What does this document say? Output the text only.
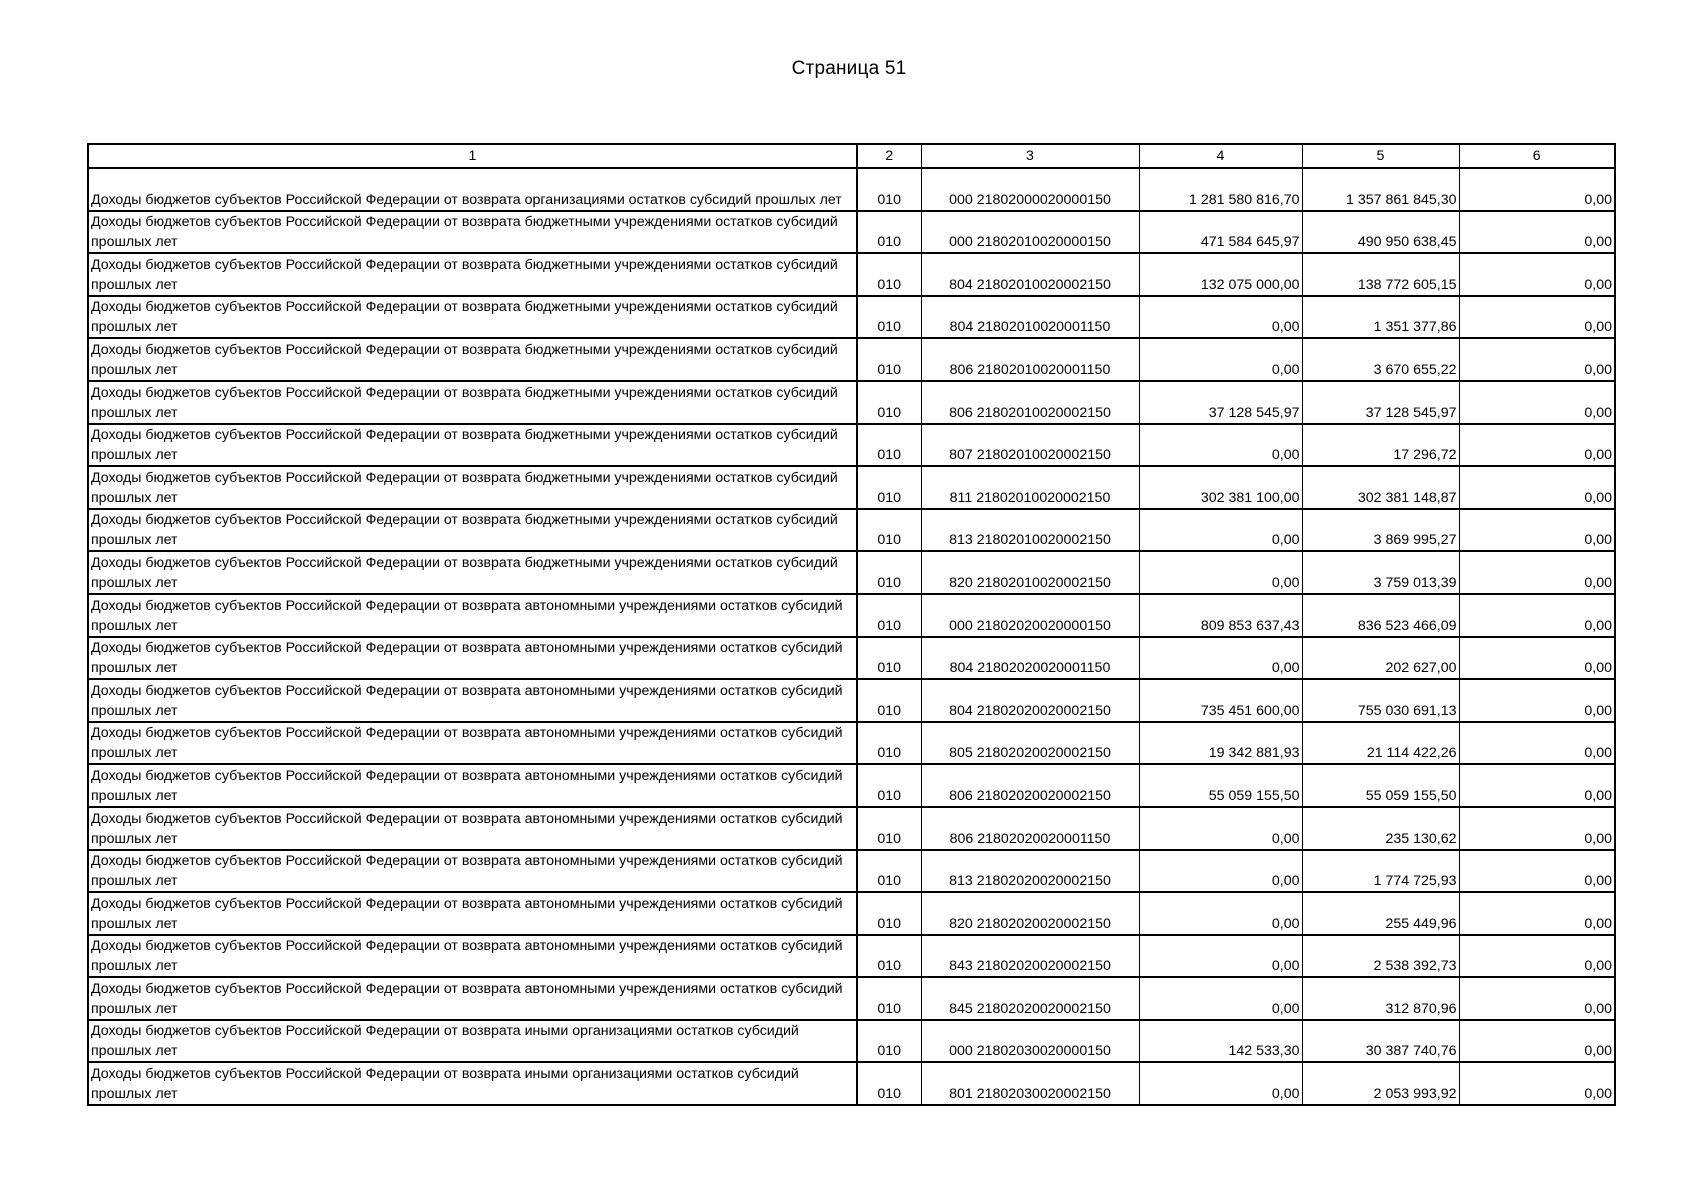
Страница 51
1	2	3	4	5	6
Доходы бюджетов субъектов Российской Федерации от возврата организациями остатков субсидий прошлых лет	010	000 21802000020000150	1 281 580 816,70	1 357 861 845,30	0,00
Доходы бюджетов субъектов Российской Федерации от возврата бюджетными учреждениями остатков субсидий прошлых лет	010	000 21802010020000150	471 584 645,97	490 950 638,45	0,00
Доходы бюджетов субъектов Российской Федерации от возврата бюджетными учреждениями остатков субсидий прошлых лет	010	804 21802010020002150	132 075 000,00	138 772 605,15	0,00
Доходы бюджетов субъектов Российской Федерации от возврата бюджетными учреждениями остатков субсидий прошлых лет	010	804 21802010020001150	0,00	1 351 377,86	0,00
Доходы бюджетов субъектов Российской Федерации от возврата бюджетными учреждениями остатков субсидий прошлых лет	010	806 21802010020001150	0,00	3 670 655,22	0,00
Доходы бюджетов субъектов Российской Федерации от возврата бюджетными учреждениями остатков субсидий прошлых лет	010	806 21802010020002150	37 128 545,97	37 128 545,97	0,00
Доходы бюджетов субъектов Российской Федерации от возврата бюджетными учреждениями остатков субсидий прошлых лет	010	807 21802010020002150	0,00	17 296,72	0,00
Доходы бюджетов субъектов Российской Федерации от возврата бюджетными учреждениями остатков субсидий прошлых лет	010	811 21802010020002150	302 381 100,00	302 381 148,87	0,00
Доходы бюджетов субъектов Российской Федерации от возврата бюджетными учреждениями остатков субсидий прошлых лет	010	813 21802010020002150	0,00	3 869 995,27	0,00
Доходы бюджетов субъектов Российской Федерации от возврата бюджетными учреждениями остатков субсидий прошлых лет	010	820 21802010020002150	0,00	3 759 013,39	0,00
Доходы бюджетов субъектов Российской Федерации от возврата автономными учреждениями остатков субсидий прошлых лет	010	000 21802020020000150	809 853 637,43	836 523 466,09	0,00
Доходы бюджетов субъектов Российской Федерации от возврата автономными учреждениями остатков субсидий прошлых лет	010	804 21802020020001150	0,00	202 627,00	0,00
Доходы бюджетов субъектов Российской Федерации от возврата автономными учреждениями остатков субсидий прошлых лет	010	804 21802020020002150	735 451 600,00	755 030 691,13	0,00
Доходы бюджетов субъектов Российской Федерации от возврата автономными учреждениями остатков субсидий прошлых лет	010	805 21802020020002150	19 342 881,93	21 114 422,26	0,00
Доходы бюджетов субъектов Российской Федерации от возврата автономными учреждениями остатков субсидий прошлых лет	010	806 21802020020002150	55 059 155,50	55 059 155,50	0,00
Доходы бюджетов субъектов Российской Федерации от возврата автономными учреждениями остатков субсидий прошлых лет	010	806 21802020020001150	0,00	235 130,62	0,00
Доходы бюджетов субъектов Российской Федерации от возврата автономными учреждениями остатков субсидий прошлых лет	010	813 21802020020002150	0,00	1 774 725,93	0,00
Доходы бюджетов субъектов Российской Федерации от возврата автономными учреждениями остатков субсидий прошлых лет	010	820 21802020020002150	0,00	255 449,96	0,00
Доходы бюджетов субъектов Российской Федерации от возврата автономными учреждениями остатков субсидий прошлых лет	010	843 21802020020002150	0,00	2 538 392,73	0,00
Доходы бюджетов субъектов Российской Федерации от возврата автономными учреждениями остатков субсидий прошлых лет	010	845 21802020020002150	0,00	312 870,96	0,00
Доходы бюджетов субъектов Российской Федерации от возврата иными организациями остатков субсидий прошлых лет	010	000 21802030020000150	142 533,30	30 387 740,76	0,00
Доходы бюджетов субъектов Российской Федерации от возврата иными организациями остатков субсидий прошлых лет	010	801 21802030020002150	0,00	2 053 993,92	0,00
